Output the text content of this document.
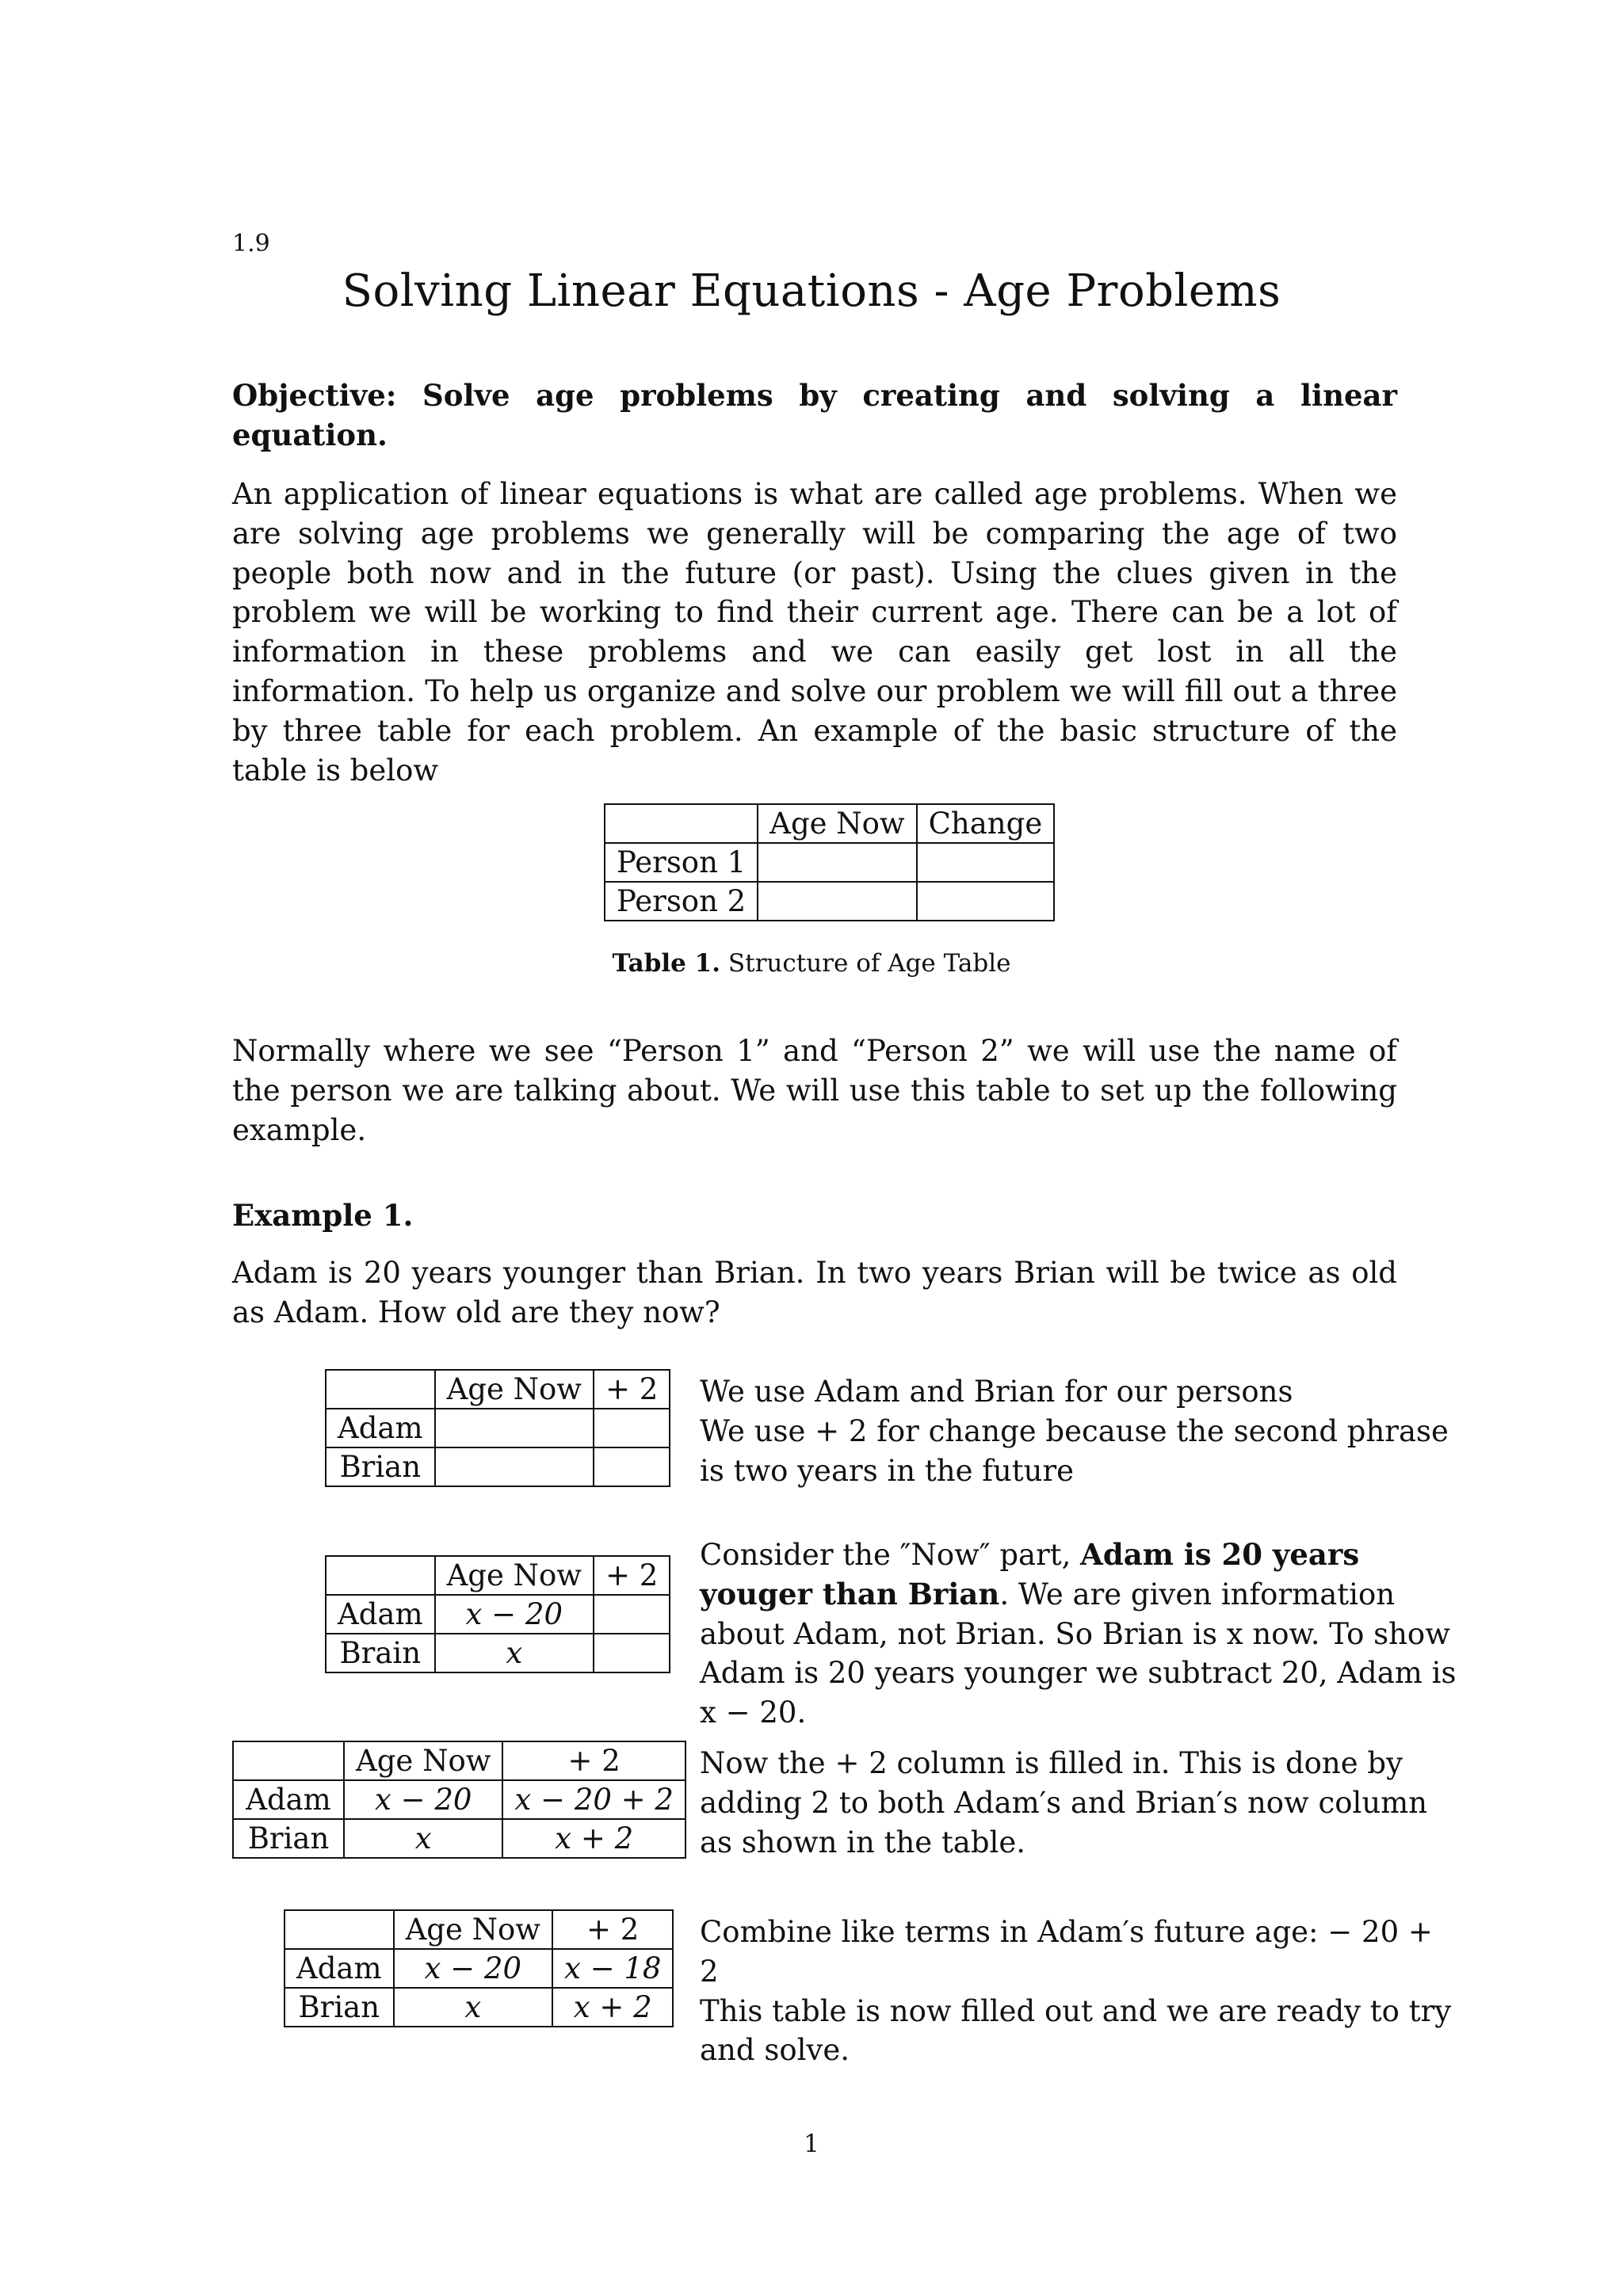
1.9
Solving Linear Equations - Age Problems

Objective: Solve age problems by creating and solving a linear equation.

An application of linear equations is what are called age problems. When we are solving age problems we generally will be comparing the age of two people both now and in the future (or past). Using the clues given in the problem we will be working to find their current age. There can be a lot of information in these problems and we can easily get lost in all the information. To help us organize and solve our problem we will fill out a three by three table for each problem. An example of the basic structure of the table is below

	Age Now	Change
Person 1		
Person 2		
Table 1. Structure of Age Table

Normally where we see “Person 1” and “Person 2” we will use the name of the person we are talking about. We will use this table to set up the following example.

Example 1.

Adam is 20 years younger than Brian. In two years Brian will be twice as old as Adam. How old are they now?

	Age Now	+ 2
Adam		
Brian		
We use Adam and Brian for our persons
We use + 2 for change because the second phrase
is two years in the future
	Age Now	+ 2
Adam	x − 20	
Brain	x	
Consider the ″Now″ part, Adam is 20 years youger than Brian. We are given information about Adam, not Brian. So Brian is x now. To show Adam is 20 years younger we subtract 20, Adam is x − 20.
	Age Now	+ 2
Adam	x − 20	x − 20 + 2
Brian	x	x + 2
Now the + 2 column is filled in. This is done by adding 2 to both Adam′s and Brian′s now column as shown in the table.
	Age Now	+ 2
Adam	x − 20	x − 18
Brian	x	x + 2
Combine like terms in Adam′s future age: − 20 + 2
This table is now filled out and we are ready to try
and solve.
1
